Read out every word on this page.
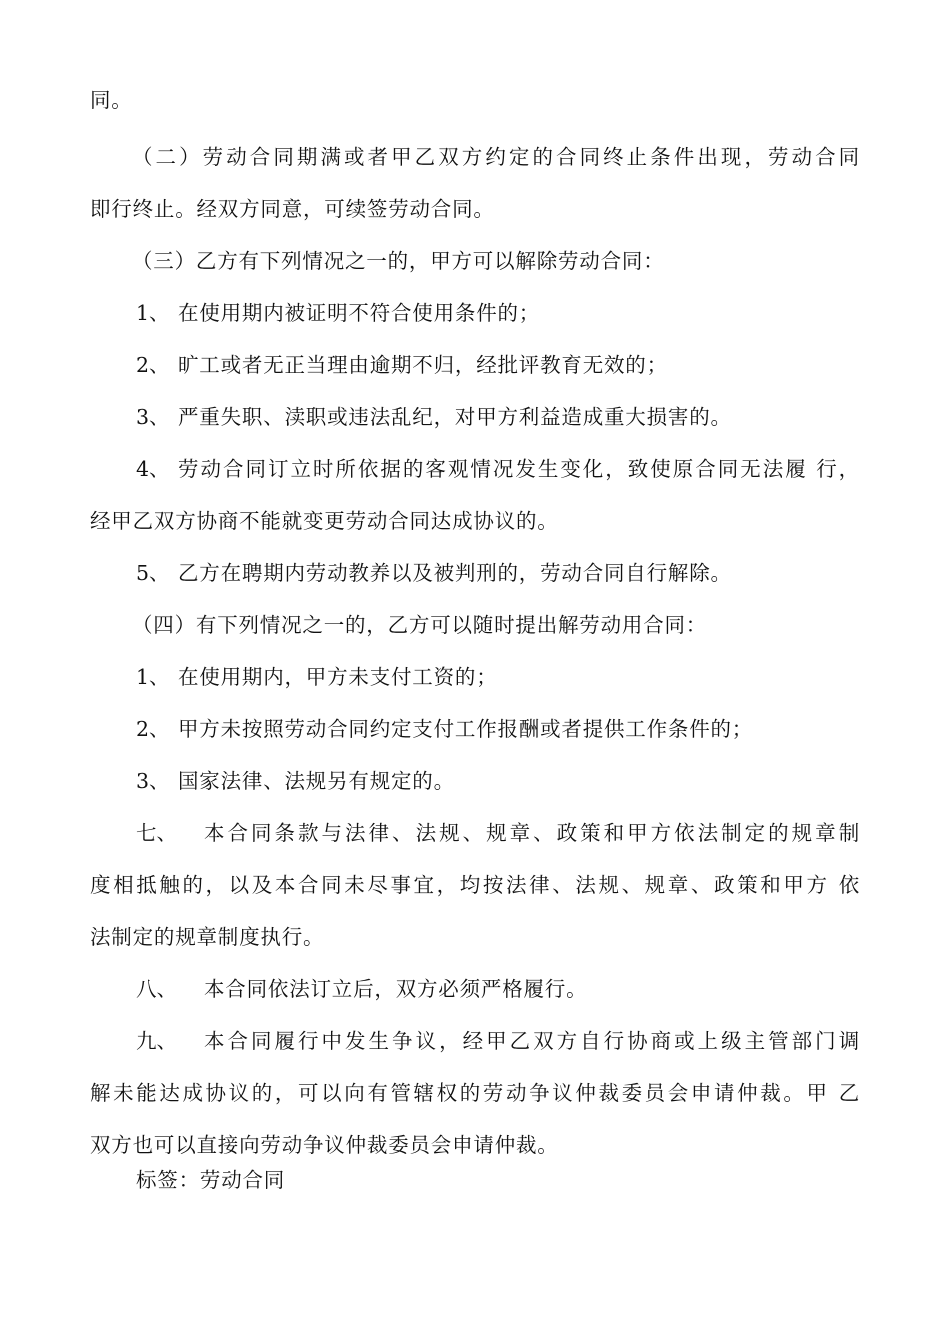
同。
（二）劳动合同期满或者甲乙双方约定的合同终止条件出现，劳动合同
即行终止。经双方同意，可续签劳动合同。
（三）乙方有下列情况之一的，甲方可以解除劳动合同：
1、 在使用期内被证明不符合使用条件的；
2、 旷工或者无正当理由逾期不归，经批评教育无效的；
3、 严重失职、渎职或违法乱纪，对甲方利益造成重大损害的。
4、 劳动合同订立时所依据的客观情况发生变化，致使原合同无法履 行，
经甲乙双方协商不能就变更劳动合同达成协议的。
5、 乙方在聘期内劳动教养以及被判刑的，劳动合同自行解除。
（四）有下列情况之一的，乙方可以随时提出解劳动用合同：
1、 在使用期内，甲方未支付工资的；
2、 甲方未按照劳动合同约定支付工作报酬或者提供工作条件的；
3、 国家法律、法规另有规定的。
七、 本合同条款与法律、法规、规章、政策和甲方依法制定的规章制
度相抵触的，以及本合同未尽事宜，均按法律、法规、规章、政策和甲方 依
法制定的规章制度执行。
八、 本合同依法订立后，双方必须严格履行。
九、 本合同履行中发生争议，经甲乙双方自行协商或上级主管部门调
解未能达成协议的，可以向有管辖权的劳动争议仲裁委员会申请仲裁。甲 乙
双方也可以直接向劳动争议仲裁委员会申请仲裁。
标签：劳动合同
